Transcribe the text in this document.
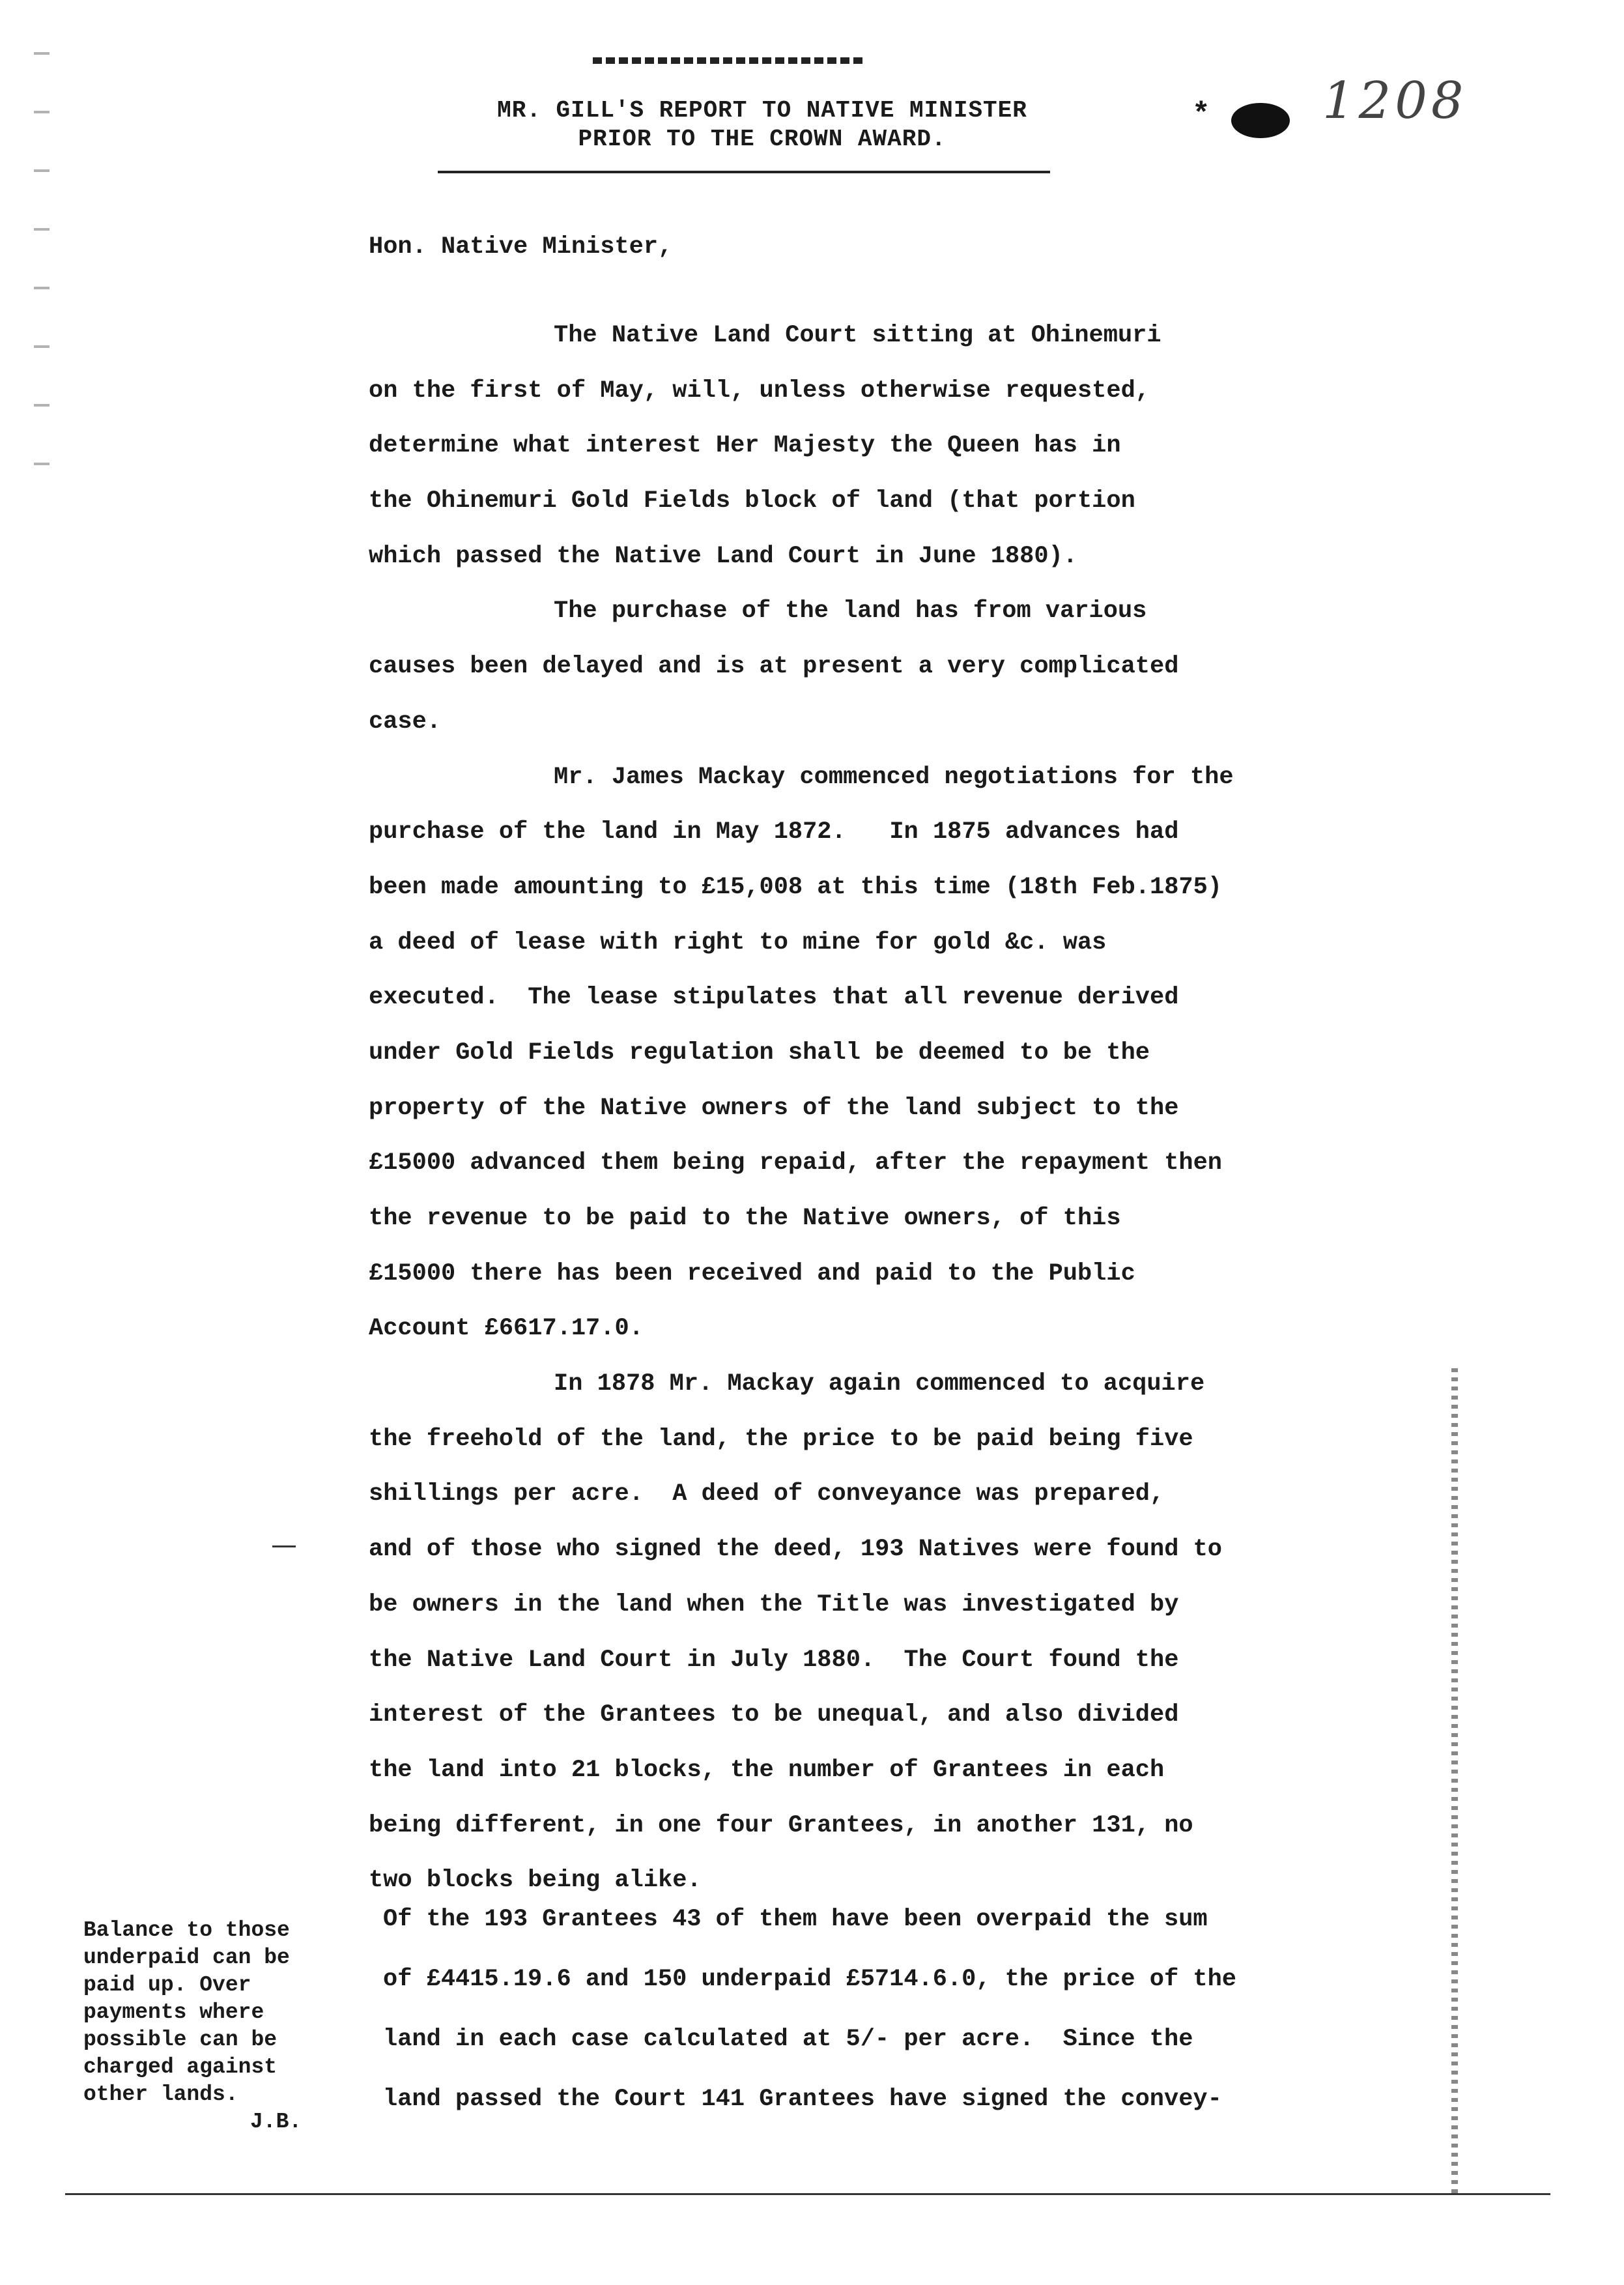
MR. GILL'S REPORT TO NATIVE MINISTER
PRIOR TO THE CROWN AWARD.
* 1208
Hon. Native Minister,
The Native Land Court sitting at Ohinemuri
on the first of May, will, unless otherwise requested,
determine what interest Her Majesty the Queen has in
the Ohinemuri Gold Fields block of land (that portion
which passed the Native Land Court in June 1880).
The purchase of the land has from various
causes been delayed and is at present a very complicated
case.
Mr. James Mackay commenced negotiations for the
purchase of the land in May 1872.   In 1875 advances had
been made amounting to £15,008 at this time (18th Feb.1875)
a deed of lease with right to mine for gold &c. was
executed.  The lease stipulates that all revenue derived
under Gold Fields regulation shall be deemed to be the
property of the Native owners of the land subject to the
£15000 advanced them being repaid, after the repayment then
the revenue to be paid to the Native owners, of this
£15000 there has been received and paid to the Public
Account £6617.17.0.
In 1878 Mr. Mackay again commenced to acquire
the freehold of the land, the price to be paid being five
shillings per acre.  A deed of conveyance was prepared,
and of those who signed the deed, 193 Natives were found to
be owners in the land when the Title was investigated by
the Native Land Court in July 1880.  The Court found the
interest of the Grantees to be unequal, and also divided
the land into 21 blocks, the number of Grantees in each
being different, in one four Grantees, in another 131, no
two blocks being alike.
Balance to those
underpaid can be
paid up. Over
payments where
possible can be
charged against
other lands.
J.B.
Of the 193 Grantees 43 of them have been overpaid the sum
of £4415.19.6 and 150 underpaid £5714.6.0, the price of the
land in each case calculated at 5/- per acre.  Since the
land passed the Court 141 Grantees have signed the convey-
